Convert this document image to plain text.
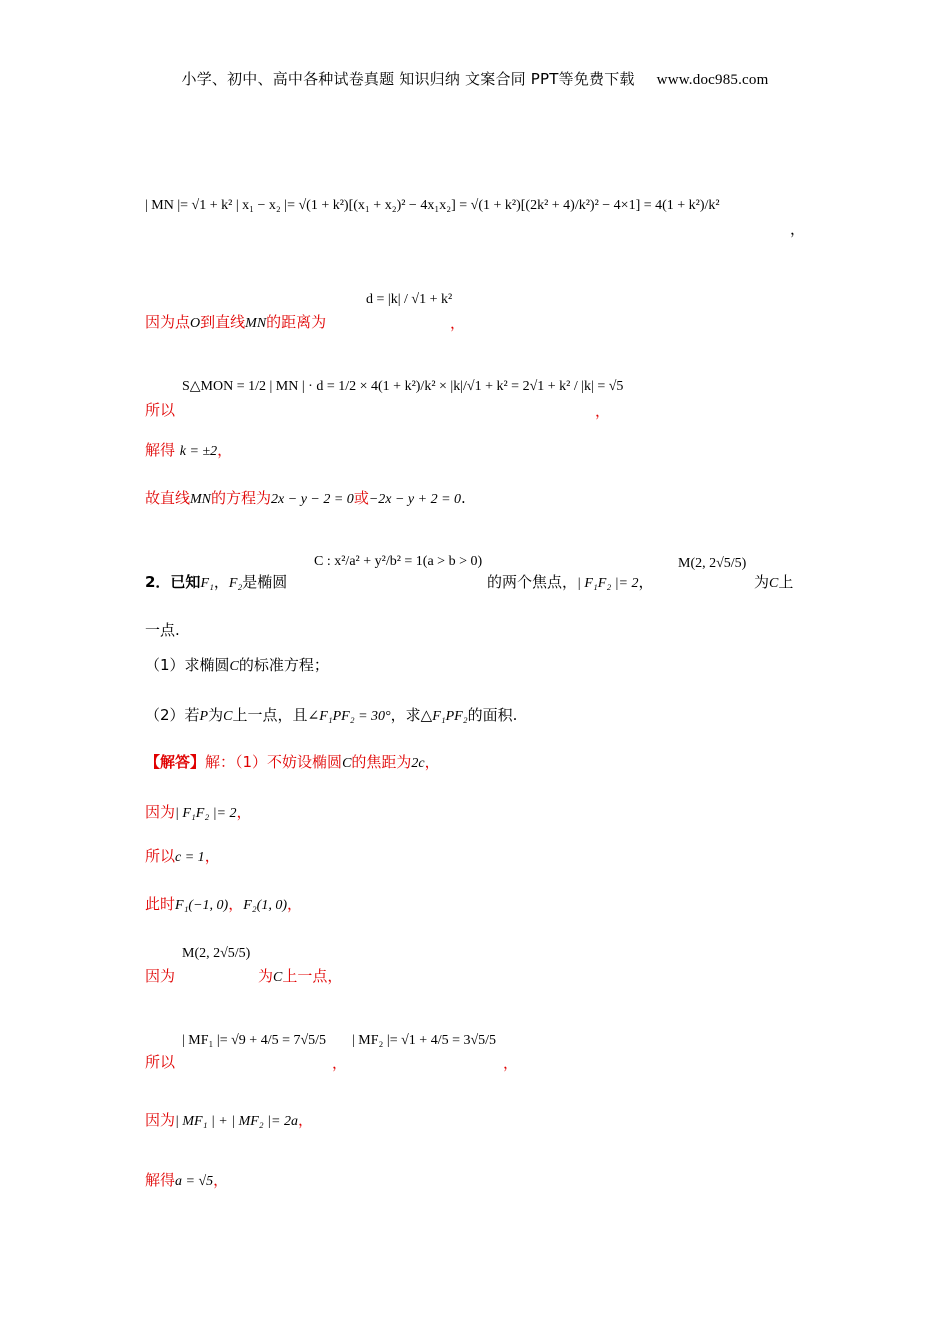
小学、初中、高中各种试卷真题 知识归纳 文案合同 PPT等免费下载 www.doc985.com
| MN |= √1 + k² | x₁ − x₂ |= √(1 + k²)[(x₁ + x₂)² − 4x₁x₂] = √(1 + k²)[(2k² + 4)/k²)² − 4×1] = 4(1 + k²)/k²
，
d = |k| / √1 + k²
因为点O到直线MN的距离为	，
S△MON = 1/2 | MN | · d = 1/2 × 4(1 + k²)/k² × |k|/√1 + k² = 2√1 + k² / |k| = √5
所以	，
解得 k = ±2，
故直线MN的方程为2x − y − 2 = 0或−2x − y + 2 = 0.
2．已知F₁，F₂是椭圆
C : x²/a² + y²/b² = 1(a > b > 0)
的两个焦点，| F₁F₂ |= 2，
M(2, 2√5/5)
为C上
一点.
（1）求椭圆C的标准方程；
（2）若P为C上一点，且∠F₁PF₂ = 30°，求△F₁PF₂的面积.
【解答】解：（1）不妨设椭圆C的焦距为2c，
因为| F₁F₂ |= 2，
所以c = 1，
此时F₁(−1, 0)，F₂(1, 0)，
M(2, 2√5/5)
因为	为C上一点，
| MF₁ |= √9 + 4/5 = 7√5/5
所以	，
| MF₂ |= √1 + 4/5 = 3√5/5
，
因为| MF₁ | + | MF₂ |= 2a，
解得a = √5，
